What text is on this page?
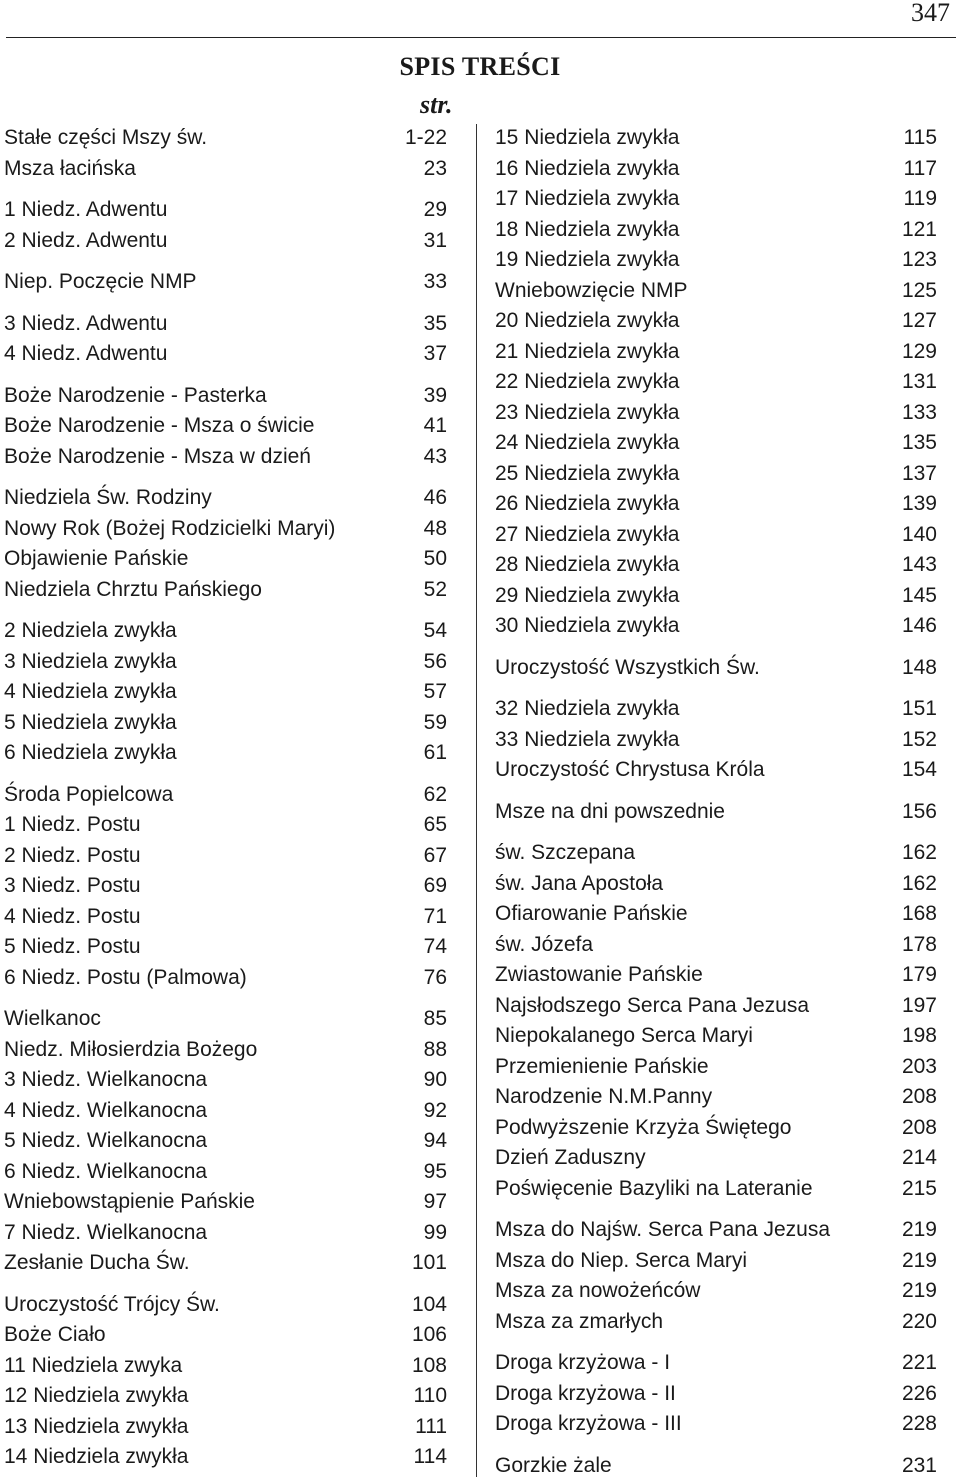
347
SPIS TREŚCI
str.
Stałe części Mszy św.	1-22
Msza łacińska	23
1 Niedz. Adwentu	29
2 Niedz. Adwentu	31
Niep. Poczęcie NMP	33
3 Niedz. Adwentu	35
4 Niedz. Adwentu	37
Boże Narodzenie - Pasterka	39
Boże Narodzenie - Msza o świcie	41
Boże Narodzenie - Msza w dzień	43
Niedziela Św. Rodziny	46
Nowy Rok (Bożej Rodzicielki Maryi)	48
Objawienie Pańskie	50
Niedziela Chrztu Pańskiego	52
2 Niedziela zwykła	54
3 Niedziela zwykła	56
4 Niedziela zwykła	57
5 Niedziela zwykła	59
6 Niedziela zwykła	61
Środa Popielcowa	62
1 Niedz. Postu	65
2 Niedz. Postu	67
3 Niedz. Postu	69
4 Niedz. Postu	71
5 Niedz. Postu	74
6 Niedz. Postu (Palmowa)	76
Wielkanoc	85
Niedz. Miłosierdzia Bożego	88
3 Niedz. Wielkanocna	90
4 Niedz. Wielkanocna	92
5 Niedz. Wielkanocna	94
6 Niedz. Wielkanocna	95
Wniebowstąpienie Pańskie	97
7 Niedz. Wielkanocna	99
Zesłanie Ducha Św.	101
Uroczystość Trójcy Św.	104
Boże Ciało	106
11 Niedziela zwyka	108
12 Niedziela zwykła	110
13 Niedziela zwykła	111
14 Niedziela zwykła	114
15 Niedziela zwykła	115
16 Niedziela zwykła	117
17 Niedziela zwykła	119
18 Niedziela zwykła	121
19 Niedziela zwykła	123
Wniebowzięcie NMP	125
20 Niedziela zwykła	127
21 Niedziela zwykła	129
22 Niedziela zwykła	131
23 Niedziela zwykła	133
24 Niedziela zwykła	135
25 Niedziela zwykła	137
26 Niedziela zwykła	139
27 Niedziela zwykła	140
28 Niedziela zwykła	143
29 Niedziela zwykła	145
30 Niedziela zwykła	146
Uroczystość Wszystkich Św.	148
32 Niedziela zwykła	151
33 Niedziela zwykła	152
Uroczystość Chrystusa Króla	154
Msze na dni powszednie	156
św. Szczepana	162
św. Jana Apostoła	162
Ofiarowanie Pańskie	168
św. Józefa	178
Zwiastowanie Pańskie	179
Najsłodszego Serca Pana Jezusa	197
Niepokalanego Serca Maryi	198
Przemienienie Pańskie	203
Narodzenie N.M.Panny	208
Podwyższenie Krzyża Świętego	208
Dzień Zaduszny	214
Poświęcenie Bazyliki na Lateranie	215
Msza do Najśw. Serca Pana Jezusa	219
Msza do Niep. Serca Maryi	219
Msza za nowożeńców	219
Msza za zmarłych	220
Droga krzyżowa - I	221
Droga krzyżowa - II	226
Droga krzyżowa - III	228
Gorzkie żale	231
